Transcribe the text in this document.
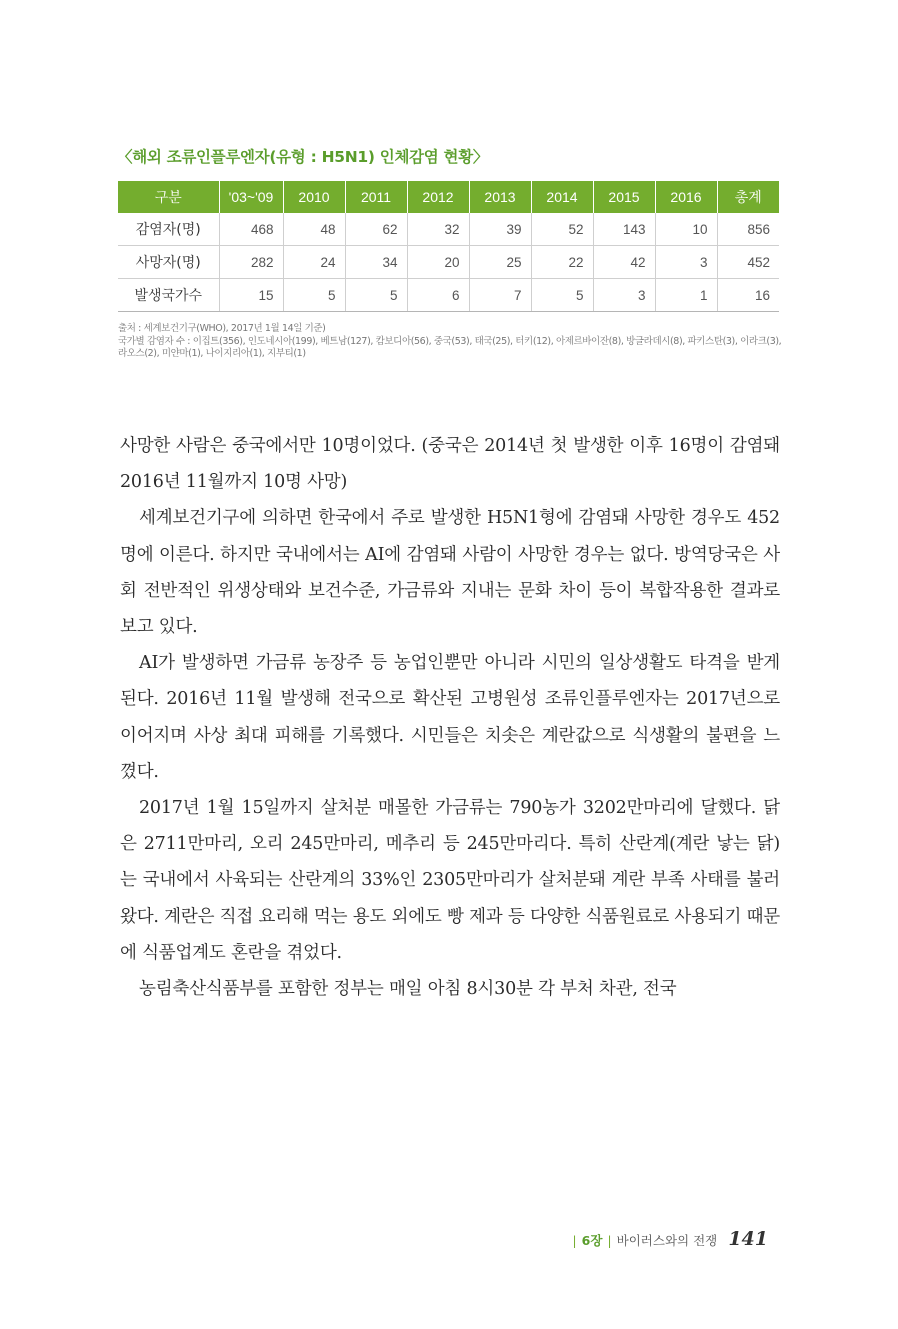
〈해외 조류인플루엔자(유형 : H5N1) 인체감염 현황〉
구분	'03~'09	2010	2011	2012	2013	2014	2015	2016	총계
감염자(명)	468	48	62	32	39	52	143	10	856
사망자(명)	282	24	34	20	25	22	42	3	452
발생국가수	15	5	5	6	7	5	3	1	16

출처 : 세계보건기구(WHO), 2017년 1월 14일 기준)

국가별 감염자 수 : 이집트(356), 인도네시아(199), 베트남(127), 캄보디아(56), 중국(53), 태국(25), 터키(12), 아제르바이잔(8), 방글라데시(8), 파키스탄(3), 이라크(3), 라오스(2), 미얀마(1), 나이지리아(1), 지부티(1)

사망한 사람은 중국에서만 10명이었다. (중국은 2014년 첫 발생한 이후 16명이 감염돼 2016년 11월까지 10명 사망)

세계보건기구에 의하면 한국에서 주로 발생한 H5N1형에 감염돼 사망한 경우도 452명에 이른다. 하지만 국내에서는 AI에 감염돼 사람이 사망한 경우는 없다. 방역당국은 사회 전반적인 위생상태와 보건수준, 가금류와 지내는 문화 차이 등이 복합작용한 결과로 보고 있다.

AI가 발생하면 가금류 농장주 등 농업인뿐만 아니라 시민의 일상생활도 타격을 받게 된다. 2016년 11월 발생해 전국으로 확산된 고병원성 조류인플루엔자는 2017년으로 이어지며 사상 최대 피해를 기록했다. 시민들은 치솟은 계란값으로 식생활의 불편을 느꼈다.

2017년 1월 15일까지 살처분 매몰한 가금류는 790농가 3202만마리에 달했다. 닭은 2711만마리, 오리 245만마리, 메추리 등 245만마리다. 특히 산란계(계란 낳는 닭)는 국내에서 사육되는 산란계의 33%인 2305만마리가 살처분돼 계란 부족 사태를 불러왔다. 계란은 직접 요리해 먹는 용도 외에도 빵 제과 등 다양한 식품원료로 사용되기 때문에 식품업계도 혼란을 겪었다.

농림축산식품부를 포함한 정부는 매일 아침 8시30분 각 부처 차관, 전국

| 6장 | 바이러스와의 전쟁 141
